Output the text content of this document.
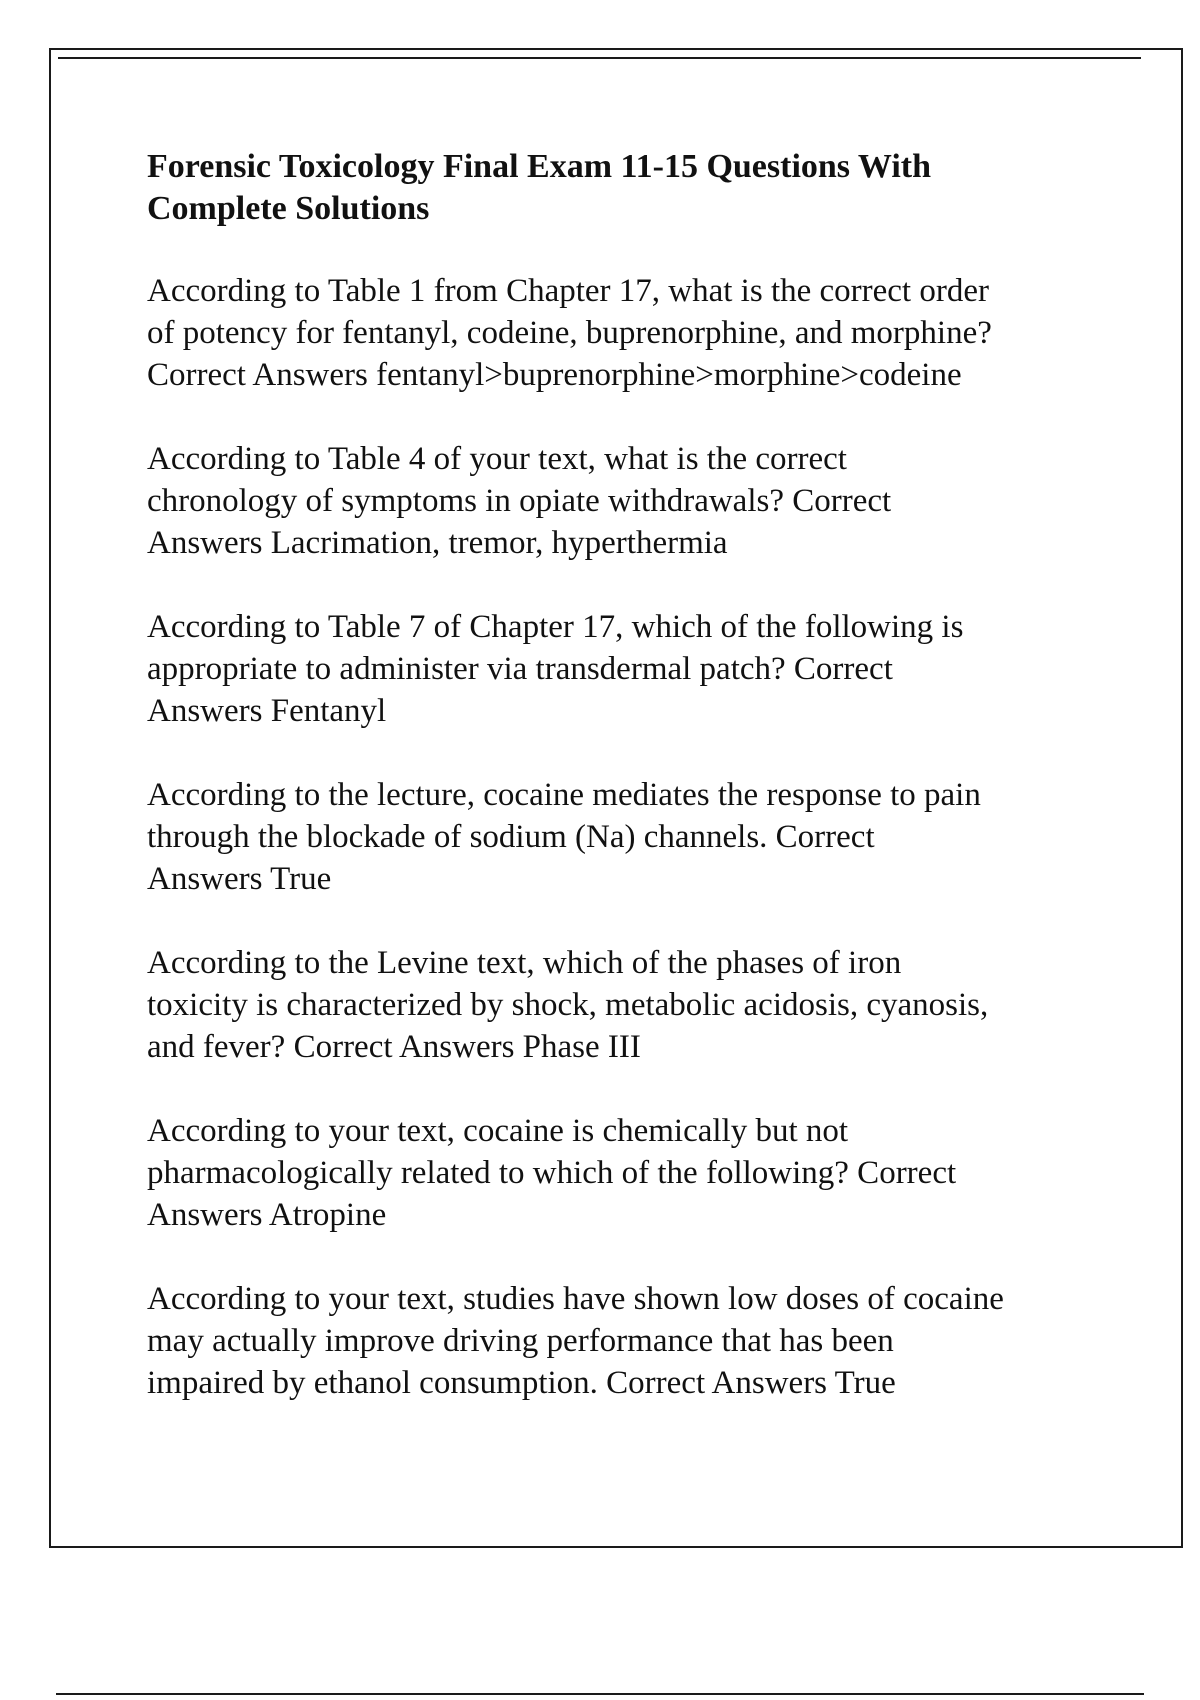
Forensic Toxicology Final Exam 11-15 Questions With
Complete Solutions
According to Table 1 from Chapter 17, what is the correct order
of potency for fentanyl, codeine, buprenorphine, and morphine?
Correct Answers fentanyl>buprenorphine>morphine>codeine
According to Table 4 of your text, what is the correct
chronology of symptoms in opiate withdrawals? Correct
Answers Lacrimation, tremor, hyperthermia
According to Table 7 of Chapter 17, which of the following is
appropriate to administer via transdermal patch? Correct
Answers Fentanyl
According to the lecture, cocaine mediates the response to pain
through the blockade of sodium (Na) channels. Correct
Answers True
According to the Levine text, which of the phases of iron
toxicity is characterized by shock, metabolic acidosis, cyanosis,
and fever? Correct Answers Phase III
According to your text, cocaine is chemically but not
pharmacologically related to which of the following? Correct
Answers Atropine
According to your text, studies have shown low doses of cocaine
may actually improve driving performance that has been
impaired by ethanol consumption. Correct Answers True
